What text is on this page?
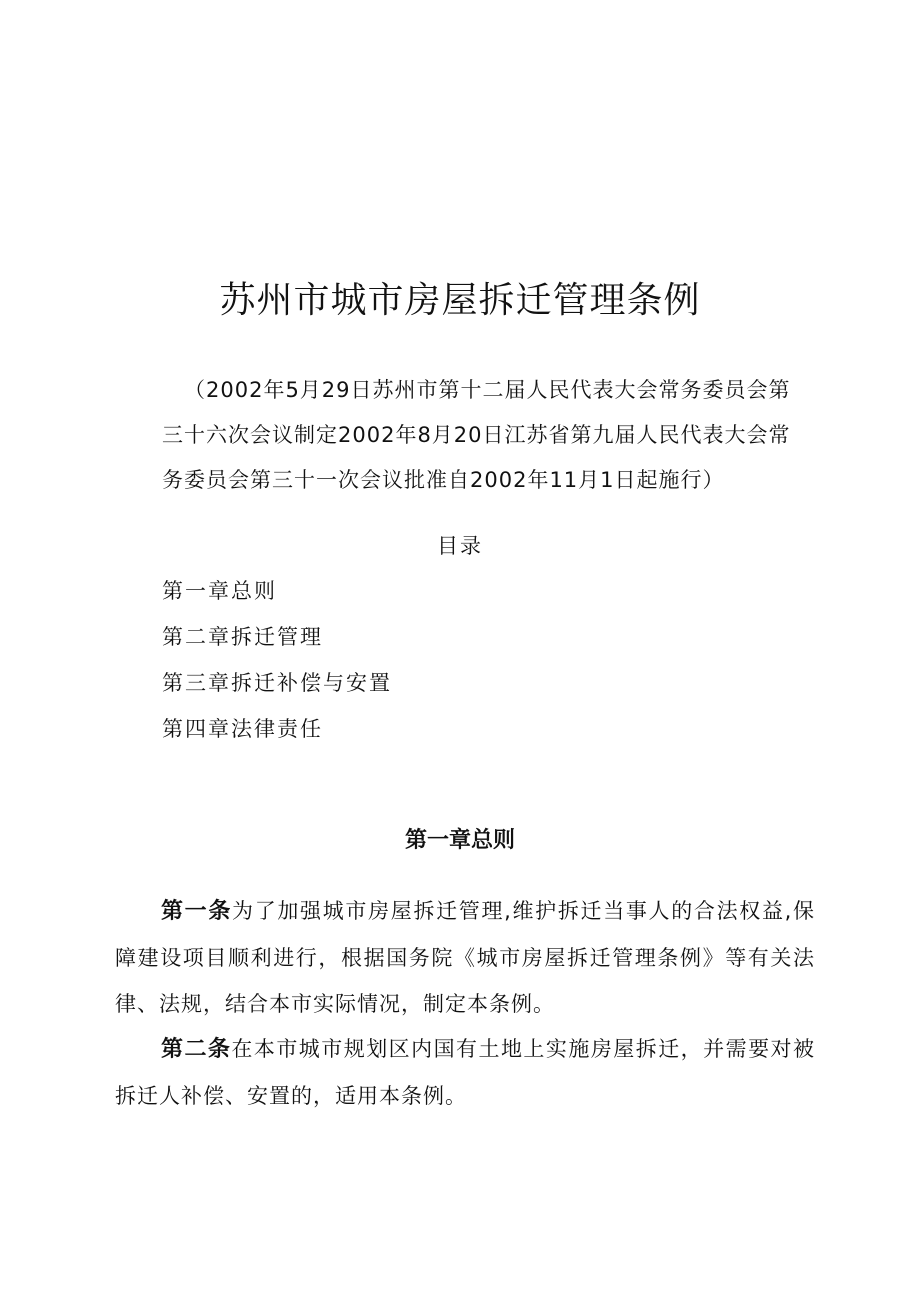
苏州市城市房屋拆迁管理条例

（2002年5月29日苏州市第十二届人民代表大会常务委员会第三十六次会议制定2002年8月20日江苏省第九届人民代表大会常务委员会第三十一次会议批准自2002年11月1日起施行）

目录
第一章总则
第二章拆迁管理
第三章拆迁补偿与安置
第四章法律责任
第一章总则

第一条为了加强城市房屋拆迁管理,维护拆迁当事人的合法权益,保障建设项目顺利进行，根据国务院《城市房屋拆迁管理条例》等有关法律、法规，结合本市实际情况，制定本条例。

第二条在本市城市规划区内国有土地上实施房屋拆迁，并需要对被拆迁人补偿、安置的，适用本条例。
